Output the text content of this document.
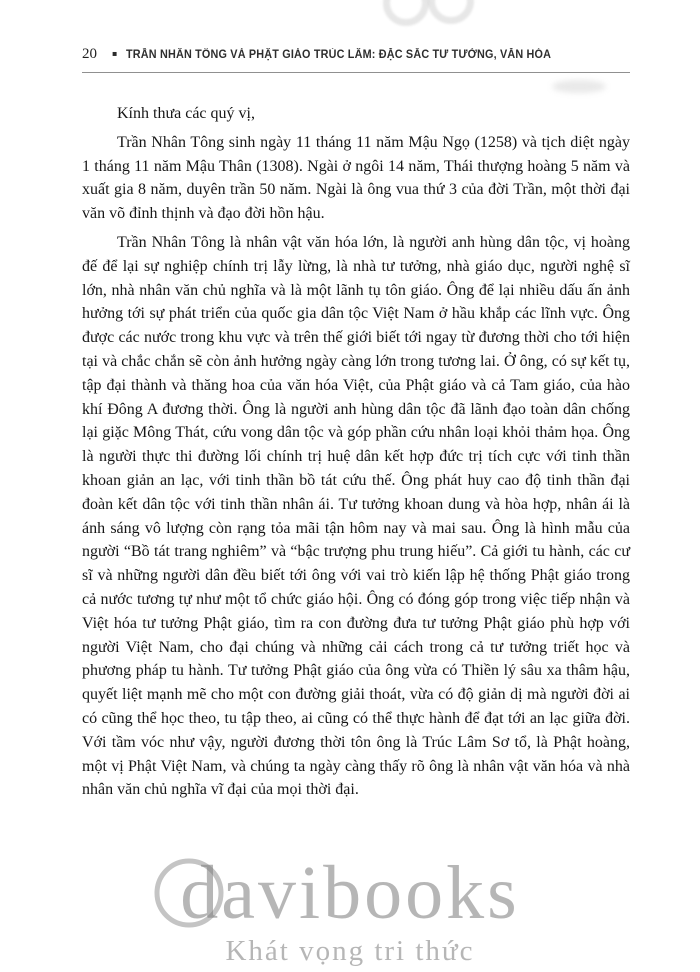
20 ▪ TRẦN NHÂN TÔNG VÀ PHẬT GIÁO TRÚC LÂM: ĐẶC SẮC TƯ TƯỞNG, VĂN HÓA

Kính thưa các quý vị,

Trần Nhân Tông sinh ngày 11 tháng 11 năm Mậu Ngọ (1258) và tịch diệt ngày 1 tháng 11 năm Mậu Thân (1308). Ngài ở ngôi 14 năm, Thái thượng hoàng 5 năm và xuất gia 8 năm, duyên trần 50 năm. Ngài là ông vua thứ 3 của đời Trần, một thời đại văn võ đỉnh thịnh và đạo đời hồn hậu.

Trần Nhân Tông là nhân vật văn hóa lớn, là người anh hùng dân tộc, vị hoàng đế để lại sự nghiệp chính trị lẫy lừng, là nhà tư tưởng, nhà giáo dục, người nghệ sĩ lớn, nhà nhân văn chủ nghĩa và là một lãnh tụ tôn giáo. Ông để lại nhiều dấu ấn ảnh hưởng tới sự phát triển của quốc gia dân tộc Việt Nam ở hầu khắp các lĩnh vực. Ông được các nước trong khu vực và trên thế giới biết tới ngay từ đương thời cho tới hiện tại và chắc chắn sẽ còn ảnh hưởng ngày càng lớn trong tương lai. Ở ông, có sự kết tụ, tập đại thành và thăng hoa của văn hóa Việt, của Phật giáo và cả Tam giáo, của hào khí Đông A đương thời. Ông là người anh hùng dân tộc đã lãnh đạo toàn dân chống lại giặc Mông Thát, cứu vong dân tộc và góp phần cứu nhân loại khỏi thảm họa. Ông là người thực thi đường lối chính trị huệ dân kết hợp đức trị tích cực với tinh thần khoan giản an lạc, với tinh thần bồ tát cứu thế. Ông phát huy cao độ tinh thần đại đoàn kết dân tộc với tinh thần nhân ái. Tư tưởng khoan dung và hòa hợp, nhân ái là ánh sáng vô lượng còn rạng tỏa mãi tận hôm nay và mai sau. Ông là hình mẫu của người “Bồ tát trang nghiêm” và “bậc trượng phu trung hiếu”. Cả giới tu hành, các cư sĩ và những người dân đều biết tới ông với vai trò kiến lập hệ thống Phật giáo trong cả nước tương tự như một tổ chức giáo hội. Ông có đóng góp trong việc tiếp nhận và Việt hóa tư tưởng Phật giáo, tìm ra con đường đưa tư tưởng Phật giáo phù hợp với người Việt Nam, cho đại chúng và những cải cách trong cả tư tưởng triết học và phương pháp tu hành. Tư tưởng Phật giáo của ông vừa có Thiền lý sâu xa thâm hậu, quyết liệt mạnh mẽ cho một con đường giải thoát, vừa có độ giản dị mà người đời ai có cũng thể học theo, tu tập theo, ai cũng có thể thực hành để đạt tới an lạc giữa đời. Với tầm vóc như vậy, người đương thời tôn ông là Trúc Lâm Sơ tổ, là Phật hoàng, một vị Phật Việt Nam, và chúng ta ngày càng thấy rõ ông là nhân vật văn hóa và nhà nhân văn chủ nghĩa vĩ đại của mọi thời đại.

davibooks
Khát vọng tri thức
